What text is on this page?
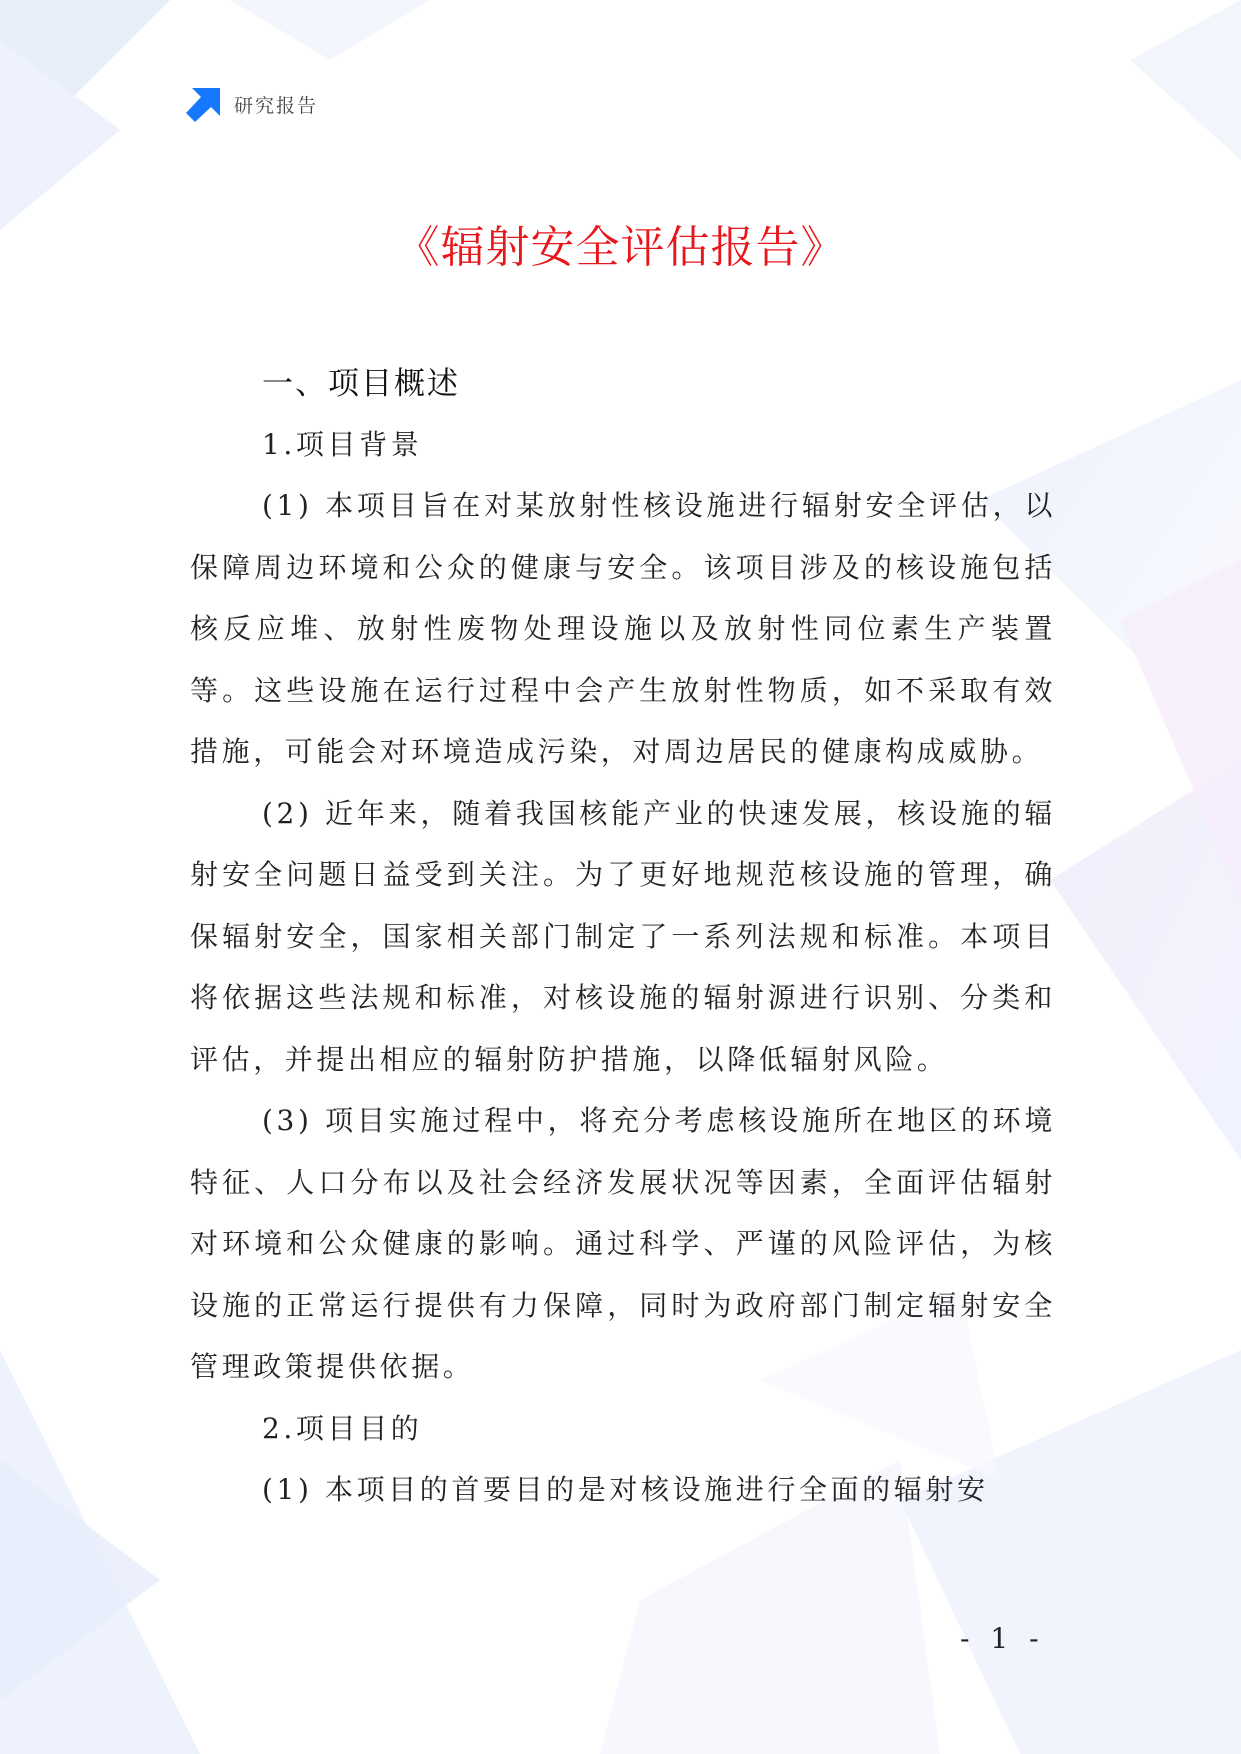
研究报告
《辐射安全评估报告》

一、项目概述

1.项目背景

(1) 本项目旨在对某放射性核设施进行辐射安全评估，以保障周边环境和公众的健康与安全。该项目涉及的核设施包括核反应堆、放射性废物处理设施以及放射性同位素生产装置等。这些设施在运行过程中会产生放射性物质，如不采取有效措施，可能会对环境造成污染，对周边居民的健康构成威胁。

(2) 近年来，随着我国核能产业的快速发展，核设施的辐射安全问题日益受到关注。为了更好地规范核设施的管理，确保辐射安全，国家相关部门制定了一系列法规和标准。本项目将依据这些法规和标准，对核设施的辐射源进行识别、分类和评估，并提出相应的辐射防护措施，以降低辐射风险。

(3) 项目实施过程中，将充分考虑核设施所在地区的环境特征、人口分布以及社会经济发展状况等因素，全面评估辐射对环境和公众健康的影响。通过科学、严谨的风险评估，为核设施的正常运行提供有力保障，同时为政府部门制定辐射安全管理政策提供依据。

2.项目目的

(1) 本项目的首要目的是对核设施进行全面的辐射安

- 1 -
